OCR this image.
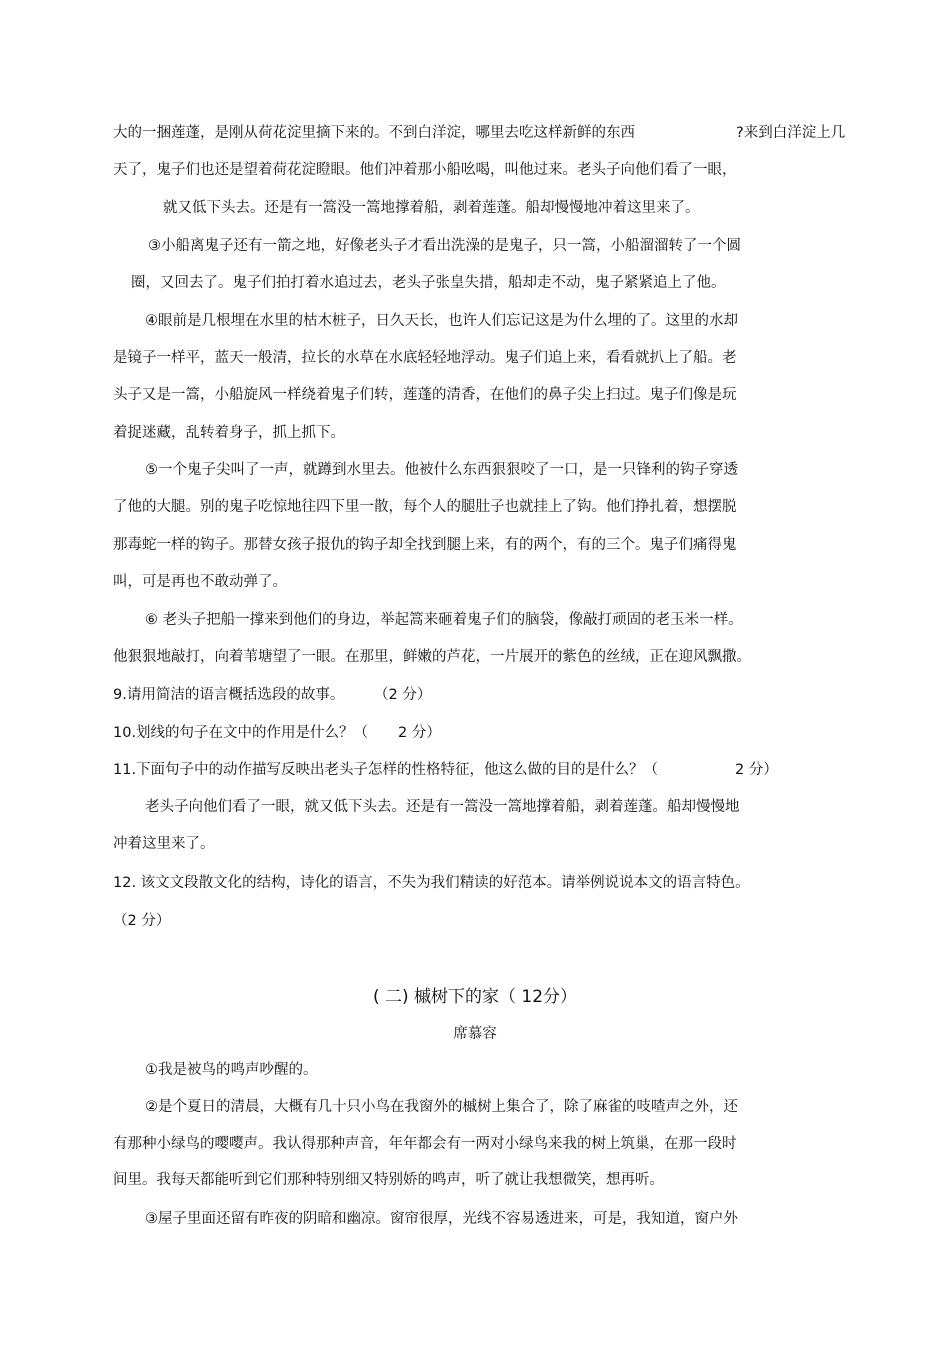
大的一捆莲蓬，是刚从荷花淀里摘下来的。不到白洋淀，哪里去吃这样新鲜的东西	?来到白洋淀上几
天了，鬼子们也还是望着荷花淀瞪眼。他们冲着那小船吆喝，叫他过来。老头子向他们看了一眼，
就又低下头去。还是有一篙没一篙地撑着船，剥着莲蓬。船却慢慢地冲着这里来了。
③小船离鬼子还有一箭之地，好像老头子才看出洗澡的是鬼子，只一篙，小船溜溜转了一个圆
圈，又回去了。鬼子们拍打着水追过去，老头子张皇失措，船却走不动，鬼子紧紧追上了他。
④眼前是几根埋在水里的枯木桩子，日久天长，也许人们忘记这是为什么埋的了。这里的水却
是镜子一样平，蓝天一般清，拉长的水草在水底轻轻地浮动。鬼子们追上来，看看就扒上了船。老
头子又是一篙，小船旋风一样绕着鬼子们转，莲蓬的清香，在他们的鼻子尖上扫过。鬼子们像是玩
着捉迷藏，乱转着身子，抓上抓下。
⑤一个鬼子尖叫了一声，就蹲到水里去。他被什么东西狠狠咬了一口，是一只锋利的钩子穿透
了他的大腿。别的鬼子吃惊地往四下里一散，每个人的腿肚子也就挂上了钩。他们挣扎着，想摆脱
那毒蛇一样的钩子。那替女孩子报仇的钩子却全找到腿上来，有的两个，有的三个。鬼子们痛得鬼
叫，可是再也不敢动弹了。
⑥ 老头子把船一撑来到他们的身边，举起篙来砸着鬼子们的脑袋，像敲打顽固的老玉米一样。
他狠狠地敲打，向着苇塘望了一眼。在那里，鲜嫩的芦花，一片展开的紫色的丝绒，正在迎风飘撒。
9.请用简洁的语言概括选段的故事。 （2 分）
10.划线的句子在文中的作用是什么？（ 2 分）
11.下面句子中的动作描写反映出老头子怎样的性格特征，他这么做的目的是什么？（	2 分）
老头子向他们看了一眼，就又低下头去。还是有一篙没一篙地撑着船，剥着莲蓬。船却慢慢地
冲着这里来了。
12. 该文文段散文化的结构，诗化的语言，不失为我们精读的好范本。请举例说说本文的语言特色。
（2 分）
( 二) 槭树下的家（ 12分）
席慕容
①我是被鸟的鸣声吵醒的。
②是个夏日的清晨，大概有几十只小鸟在我窗外的槭树上集合了，除了麻雀的吱喳声之外，还
有那种小绿鸟的嘤嘤声。我认得那种声音，年年都会有一两对小绿鸟来我的树上筑巢，在那一段时
间里。我每天都能听到它们那种特别细又特别娇的鸣声，听了就让我想微笑，想再听。
③屋子里面还留有昨夜的阴暗和幽凉。窗帘很厚，光线不容易透进来，可是，我知道，窗户外
